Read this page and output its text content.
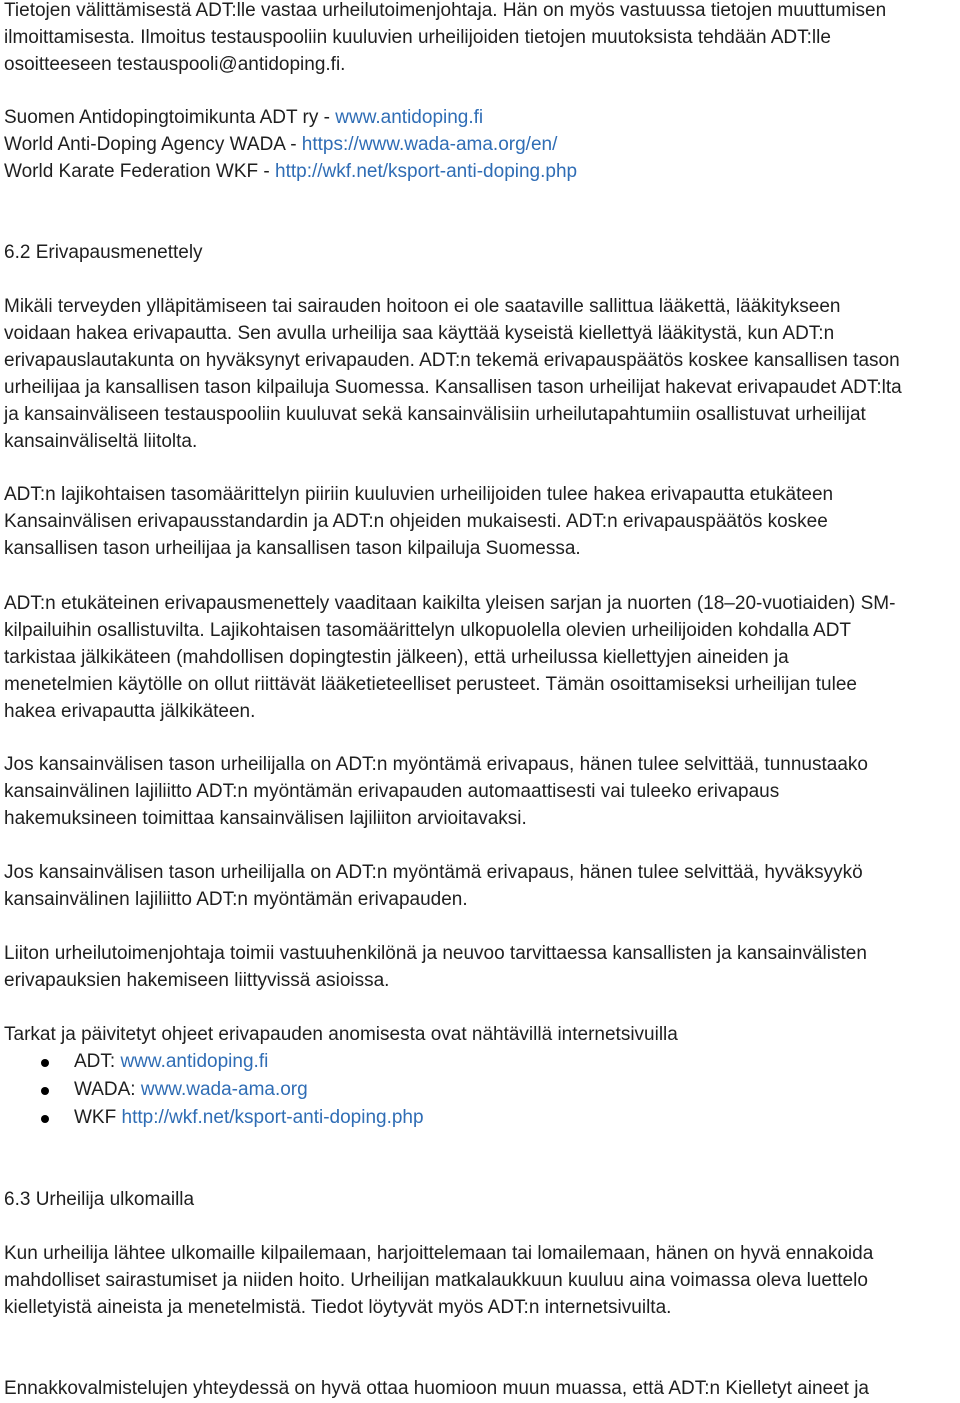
Tietojen välittämisestä ADT:lle vastaa urheilutoimenjohtaja. Hän on myös vastuussa tietojen muuttumisen
ilmoittamisesta. Ilmoitus testauspooliin kuuluvien urheilijoiden tietojen muutoksista tehdään ADT:lle
osoitteeseen testauspooli@antidoping.fi.
Suomen Antidopingtoimikunta ADT ry - www.antidoping.fi
World Anti-Doping Agency WADA - https://www.wada-ama.org/en/
World Karate Federation WKF - http://wkf.net/ksport-anti-doping.php
6.2 Erivapausmenettely

Mikäli terveyden ylläpitämiseen tai sairauden hoitoon ei ole saataville sallittua lääkettä, lääkitykseen

voidaan hakea erivapautta. Sen avulla urheilija saa käyttää kyseistä kiellettyä lääkitystä, kun ADT:n

erivapauslautakunta on hyväksynyt erivapauden. ADT:n tekemä erivapauspäätös koskee kansallisen tason

urheilijaa ja kansallisen tason kilpailuja Suomessa. Kansallisen tason urheilijat hakevat erivapaudet ADT:lta

ja kansainväliseen testauspooliin kuuluvat sekä kansainvälisiin urheilutapahtumiin osallistuvat urheilijat

kansainväliseltä liitolta.

ADT:n lajikohtaisen tasomäärittelyn piiriin kuuluvien urheilijoiden tulee hakea erivapautta etukäteen

Kansainvälisen erivapausstandardin ja ADT:n ohjeiden mukaisesti. ADT:n erivapauspäätös koskee

kansallisen tason urheilijaa ja kansallisen tason kilpailuja Suomessa.

ADT:n etukäteinen erivapausmenettely vaaditaan kaikilta yleisen sarjan ja nuorten (18–20-vuotiaiden) SM-

kilpailuihin osallistuvilta. Lajikohtaisen tasomäärittelyn ulkopuolella olevien urheilijoiden kohdalla ADT

tarkistaa jälkikäteen (mahdollisen dopingtestin jälkeen), että urheilussa kiellettyjen aineiden ja

menetelmien käytölle on ollut riittävät lääketieteelliset perusteet. Tämän osoittamiseksi urheilijan tulee

hakea erivapautta jälkikäteen.

Jos kansainvälisen tason urheilijalla on ADT:n myöntämä erivapaus, hänen tulee selvittää, tunnustaako

kansainvälinen lajiliitto ADT:n myöntämän erivapauden automaattisesti vai tuleeko erivapaus

hakemuksineen toimittaa kansainvälisen lajiliiton arvioitavaksi.

Jos kansainvälisen tason urheilijalla on ADT:n myöntämä erivapaus, hänen tulee selvittää, hyväksyykö

kansainvälinen lajiliitto ADT:n myöntämän erivapauden.

Liiton urheilutoimenjohtaja toimii vastuuhenkilönä ja neuvoo tarvittaessa kansallisten ja kansainvälisten

erivapauksien hakemiseen liittyvissä asioissa.

Tarkat ja päivitetyt ohjeet erivapauden anomisesta ovat nähtävillä internetsivuilla
ADT: www.antidoping.fi
WADA: www.wada-ama.org
WKF http://wkf.net/ksport-anti-doping.php
6.3 Urheilija ulkomailla

Kun urheilija lähtee ulkomaille kilpailemaan, harjoittelemaan tai lomailemaan, hänen on hyvä ennakoida

mahdolliset sairastumiset ja niiden hoito. Urheilijan matkalaukkuun kuuluu aina voimassa oleva luettelo

kielletyistä aineista ja menetelmistä. Tiedot löytyvät myös ADT:n internetsivuilta.

Ennakkovalmistelujen yhteydessä on hyvä ottaa huomioon muun muassa, että ADT:n Kielletyt aineet ja
